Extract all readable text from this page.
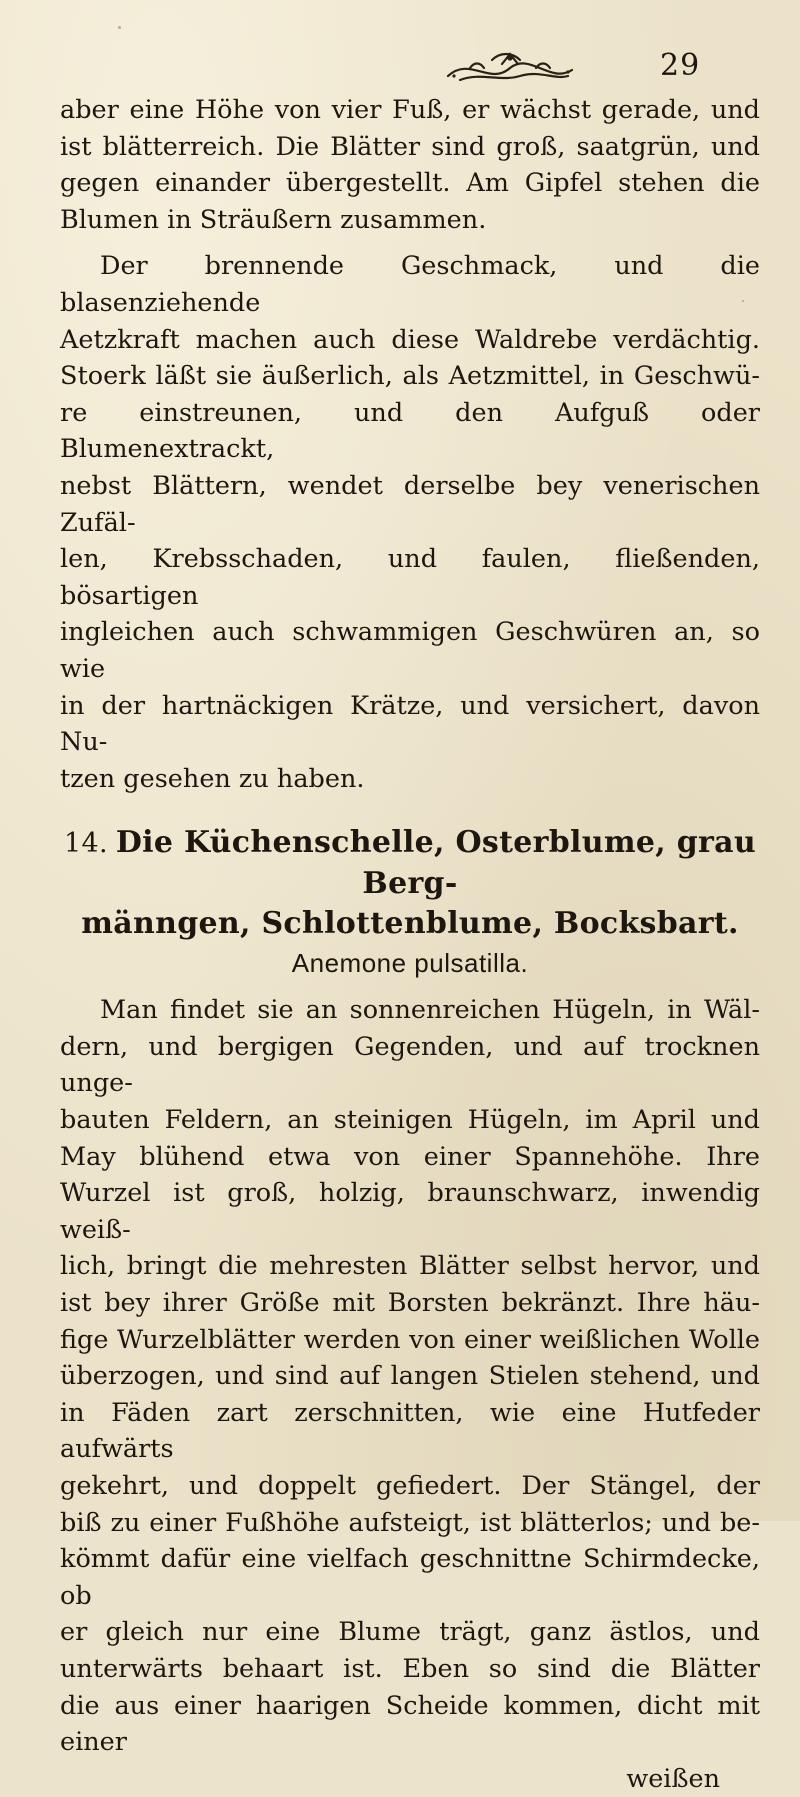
29

aber eine Höhe von vier Fuß, er wächst gerade, und

ist blätterreich. Die Blätter sind groß, saatgrün, und

gegen einander übergestellt. Am Gipfel stehen die

Blumen in Sträußern zusammen.

Der brennende Geschmack, und die blasenziehende

Aetzkraft machen auch diese Waldrebe verdächtig.

Stoerk läßt sie äußerlich, als Aetzmittel, in Geschwü-

re einstreunen, und den Aufguß oder Blumenextrackt,

nebst Blättern, wendet derselbe bey venerischen Zufäl-

len, Krebsschaden, und faulen, fließenden, bösartigen

ingleichen auch schwammigen Geschwüren an, so wie

in der hartnäckigen Krätze, und versichert, davon Nu-

tzen gesehen zu haben.

14. Die Küchenschelle, Osterblume, grau Berg-

männgen, Schlottenblume, Bocksbart.

Anemone pulsatilla.

Man findet sie an sonnenreichen Hügeln, in Wäl-

dern, und bergigen Gegenden, und auf trocknen unge-

bauten Feldern, an steinigen Hügeln, im April und

May blühend etwa von einer Spannehöhe. Ihre

Wurzel ist groß, holzig, braunschwarz, inwendig weiß-

lich, bringt die mehresten Blätter selbst hervor, und

ist bey ihrer Größe mit Borsten bekränzt. Ihre häu-

fige Wurzelblätter werden von einer weißlichen Wolle

überzogen, und sind auf langen Stielen stehend, und

in Fäden zart zerschnitten, wie eine Hutfeder aufwärts

gekehrt, und doppelt gefiedert. Der Stängel, der

biß zu einer Fußhöhe aufsteigt, ist blätterlos; und be-

kömmt dafür eine vielfach geschnittne Schirmdecke, ob

er gleich nur eine Blume trägt, ganz ästlos, und

unterwärts behaart ist. Eben so sind die Blätter

die aus einer haarigen Scheide kommen, dicht mit einer

weißen
